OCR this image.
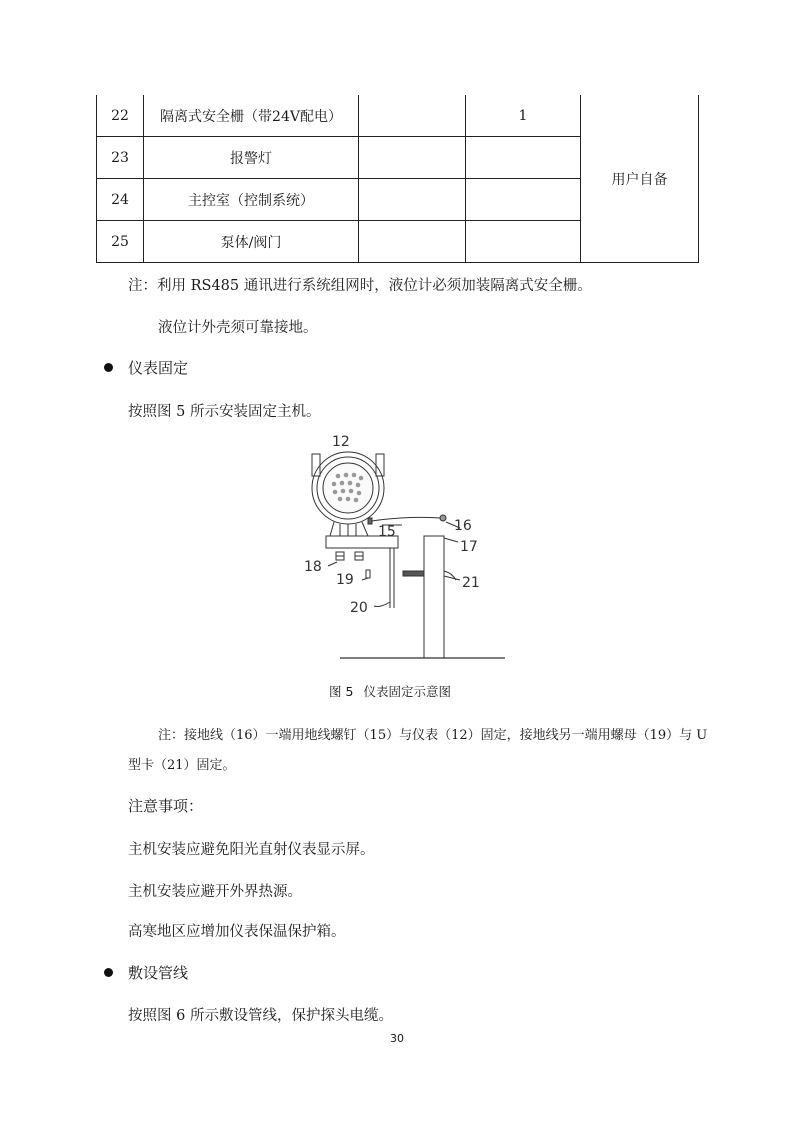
22	隔离式安全栅（带24V配电）		1	用户自备
23	报警灯			
24	主控室（控制系统）			
25	泵体/阀门			
注：利用 RS485 通讯进行系统组网时，液位计必须加装隔离式安全栅。
液位计外壳须可靠接地。
仪表固定
按照图 5 所示安装固定主机。
12
15	16
17
18
19
20
21
图 5 仪表固定示意图
注：接地线（16）一端用地线螺钉（15）与仪表（12）固定，接地线另一端用螺母（19）与 U
型卡（21）固定。
注意事项：
主机安装应避免阳光直射仪表显示屏。
主机安装应避开外界热源。
高寒地区应增加仪表保温保护箱。
敷设管线
按照图 6 所示敷设管线，保护探头电缆。
30
